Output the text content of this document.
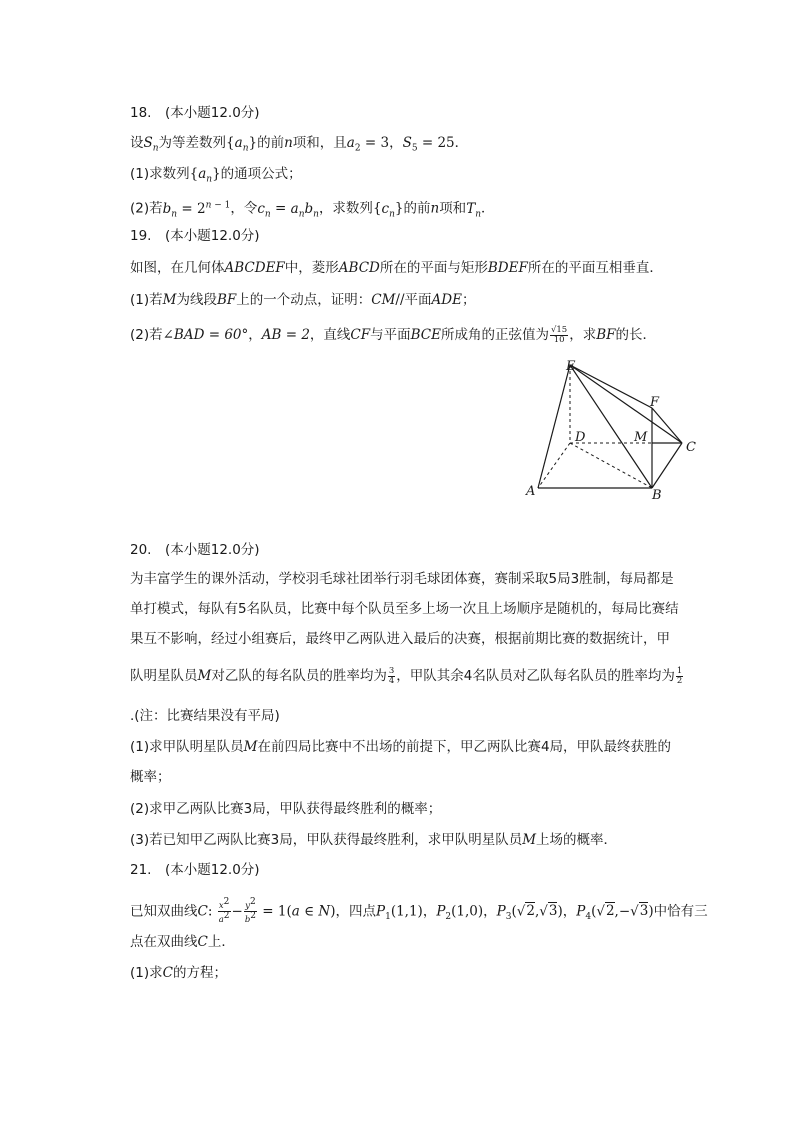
18.　(本小题12.0分)
设$S_n$为等差数列$\{a_n\}$的前n项和，且$a_2 = 3$，$S_5 = 25$．
(1)求数列$\{a_n\}$的通项公式；
(2)若$b_n = 2^{n - 1}$，令$c_n = a_nb_n$，求数列$\{c_n\}$的前n项和$T_n$．
19.　(本小题12.0分)
如图，在几何体ABCDEF中，菱形ABCD所在的平面与矩形BDEF所在的平面互相垂直．
(1)若M为线段BF上的一个动点，证明：CM//平面ADE；
(2)若∠BAD = 60°，AB = 2，直线CF与平面BCE所成角的正弦值为 $\frac{√15}{10}$ ，求BF的长．
E
F
D	M
C
A	B
20.　(本小题12.0分)
为丰富学生的课外活动，学校羽毛球社团举行羽毛球团体赛，赛制采取5局3胜制，每局都是
单打模式，每队有5名队员，比赛中每个队员至多上场一次且上场顺序是随机的，每局比赛结
果互不影响，经过小组赛后，最终甲乙两队进入最后的决赛，根据前期比赛的数据统计，甲
队明星队员M对乙队的每名队员的胜率均为 $\frac{3}{4}$ ，甲队其余4名队员对乙队每名队员的胜率均为 $\frac{1}{2}$
.(注：比赛结果没有平局)
(1)求甲队明星队员M在前四局比赛中不出场的前提下，甲乙两队比赛4局，甲队最终获胜的
概率；
(2)求甲乙两队比赛3局，甲队获得最终胜利的概率；
(3)若已知甲乙两队比赛3局，甲队获得最终胜利，求甲队明星队员M上场的概率．
21.　(本小题12.0分)
已知双曲线C: $\frac{x^2}{a^2} - \frac{y^2}{b^2} = 1(a$ ∈ N)，四点$P_1(1,1)$，$P_2(1,0)$，$P_3(√2,√3)$，$P_4(√2,-√3)$中恰有三
点在双曲线C上．
(1)求C的方程；
